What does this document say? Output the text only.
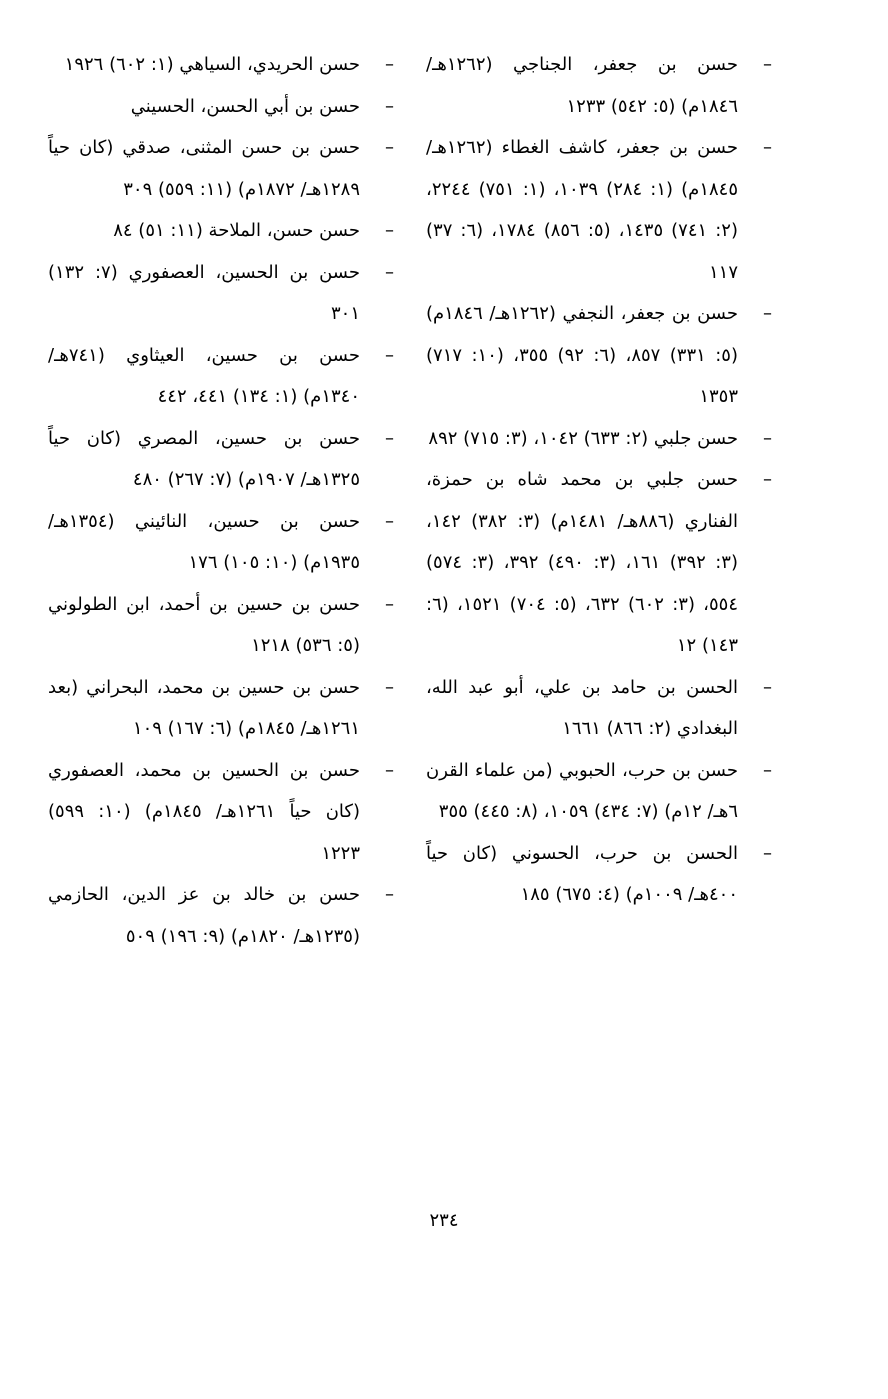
–
حسن بن جعفر، الجناجي (١٢٦٢هـ/ ١٨٤٦م) (٥: ٥٤٢) ١٢٣٣
–
حسن بن جعفر، كاشف الغطاء (١٢٦٢هـ/ ١٨٤٥م) (١: ٢٨٤) ١٠٣٩، (١: ٧٥١) ٢٢٤٤، (٢: ٧٤١) ١٤٣٥، (٥: ٨٥٦) ١٧٨٤، (٦: ٣٧) ١١٧
–
حسن بن جعفر، النجفي (١٢٦٢هـ/ ١٨٤٦م) (٥: ٣٣١) ٨٥٧، (٦: ٩٢) ٣٥٥، (١٠: ٧١٧) ١٣٥٣
–
حسن جلبي (٢: ٦٣٣) ١٠٤٢، (٣: ٧١٥) ٨٩٢
–
حسن جلبي بن محمد شاه بن حمزة، الفناري (٨٨٦هـ/ ١٤٨١م) (٣: ٣٨٢) ١٤٢، (٣: ٣٩٢) ١٦١، (٣: ٤٩٠) ٣٩٢، (٣: ٥٧٤) ٥٥٤، (٣: ٦٠٢) ٦٣٢، (٥: ٧٠٤) ١٥٢١، (٦: ١٤٣) ١٢
–
الحسن بن حامد بن علي، أبو عبد الله، البغدادي (٢: ٨٦٦) ١٦٦١
–
حسن بن حرب، الحبوبي (من علماء القرن ٦هـ/ ١٢م) (٧: ٤٣٤) ١٠٥٩، (٨: ٤٤٥) ٣٥٥
–
الحسن بن حرب، الحسوني (كان حياً ٤٠٠هـ/ ١٠٠٩م) (٤: ٦٧٥) ١٨٥
–
حسن الحريدي، السياهي (١: ٦٠٢) ١٩٢٦
–
حسن بن أبي الحسن، الحسيني
–
حسن بن حسن المثنى، صدقي (كان حياً ١٢٨٩هـ/ ١٨٧٢م) (١١: ٥٥٩) ٣٠٩
–
حسن حسن، الملاحة (١١: ٥١) ٨٤
–
حسن بن الحسين، العصفوري (٧: ١٣٢) ٣٠١
–
حسن بن حسين، العيثاوي (٧٤١هـ/ ١٣٤٠م) (١: ١٣٤) ٤٤١، ٤٤٢
–
حسن بن حسين، المصري (كان حياً ١٣٢٥هـ/ ١٩٠٧م) (٧: ٢٦٧) ٤٨٠
–
حسن بن حسين، النائيني (١٣٥٤هـ/ ١٩٣٥م) (١٠: ١٠٥) ١٧٦
–
حسن بن حسين بن أحمد، ابن الطولوني (٥: ٥٣٦) ١٢١٨
–
حسن بن حسين بن محمد، البحراني (بعد ١٢٦١هـ/ ١٨٤٥م) (٦: ١٦٧) ١٠٩
–
حسن بن الحسين بن محمد، العصفوري (كان حياً ١٢٦١هـ/ ١٨٤٥م) (١٠: ٥٩٩) ١٢٢٣
–
حسن بن خالد بن عز الدين، الحازمي (١٢٣٥هـ/ ١٨٢٠م) (٩: ١٩٦) ٥٠٩
٢٣٤
